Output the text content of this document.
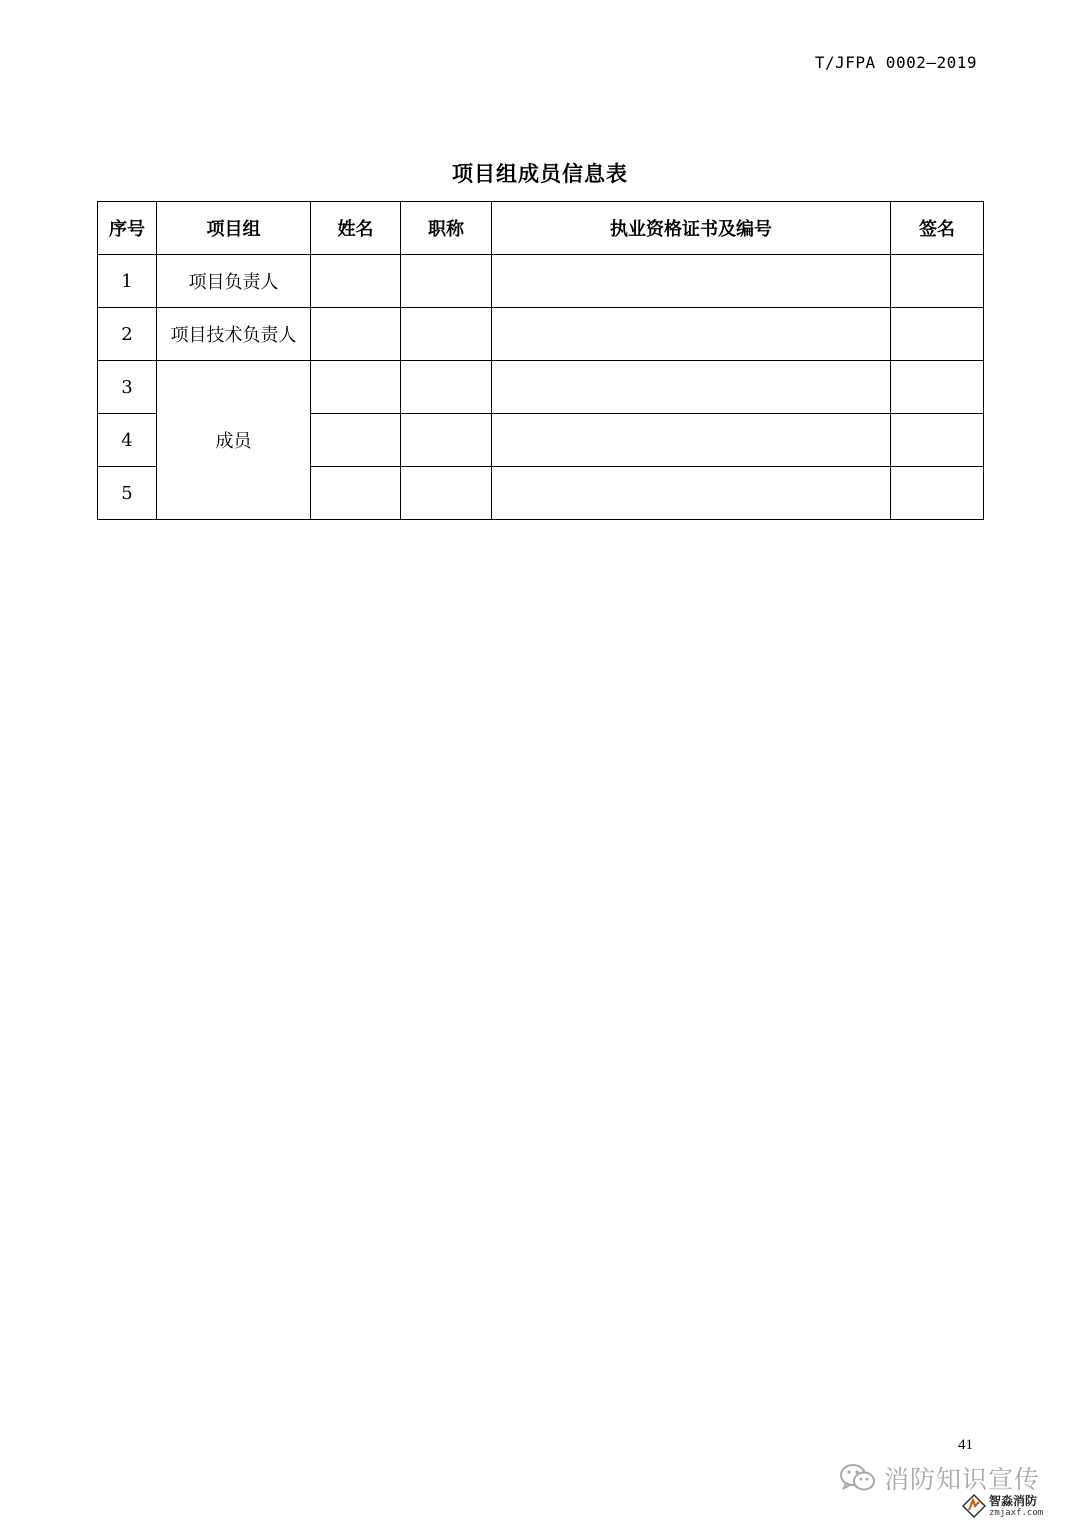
T/JFPA 0002—2019
项目组成员信息表
序号	项目组	姓名	职称	执业资格证书及编号	签名
1	项目负责人				
2	项目技术负责人				
3	成员				
4					
5					
41
消防知识宣传
智淼消防
zmjaxf.com
